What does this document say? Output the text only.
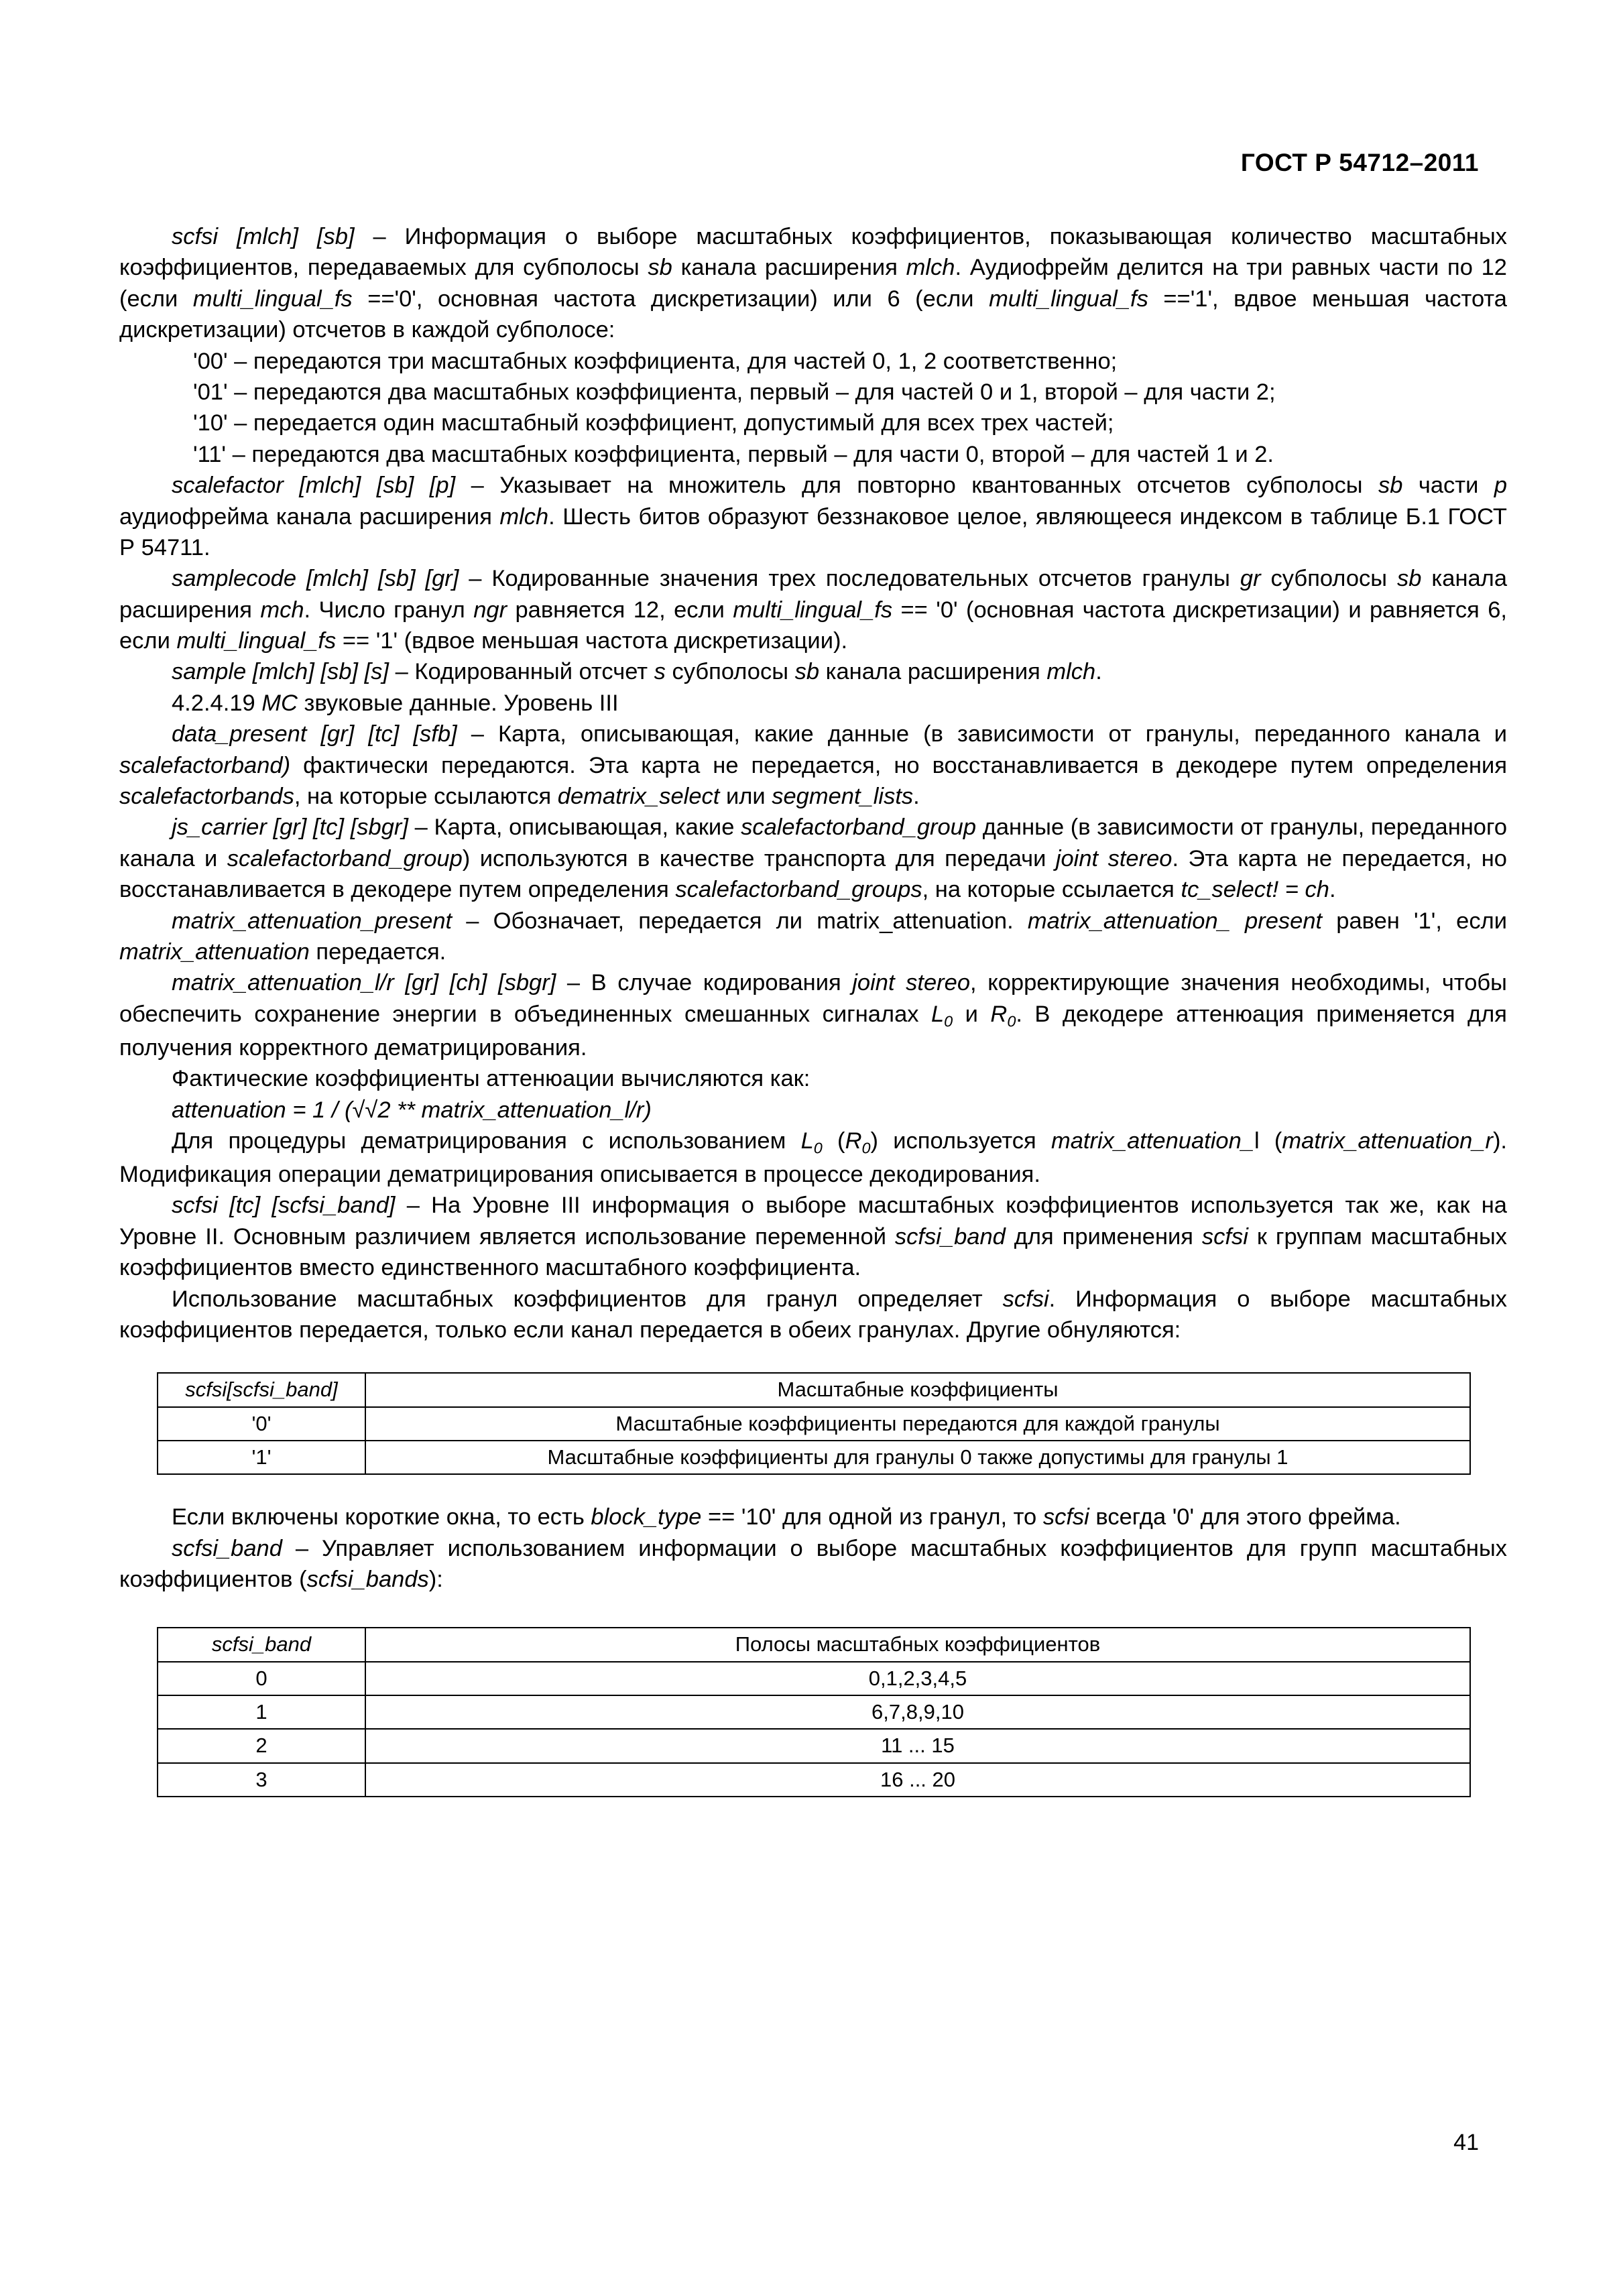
ГОСТ Р 54712–2011

scfsi [mlch] [sb] – Информация о выборе масштабных коэффициентов, показывающая количество масштабных коэффициентов, передаваемых для субполосы sb канала расширения mlch. Аудиофрейм делится на три равных части по 12 (если multi_lingual_fs =='0', основная частота дискретизации) или 6 (если multi_lingual_fs =='1', вдвое меньшая частота дискретизации) отсчетов в каждой субполосе:

'00' – передаются три масштабных коэффициента, для частей 0, 1, 2 соответственно;

'01' – передаются два масштабных коэффициента, первый – для частей 0 и 1, второй – для части 2;

'10' – передается один масштабный коэффициент, допустимый для всех трех частей;

'11' – передаются два масштабных коэффициента, первый – для части 0, второй – для частей 1 и 2.

scalefactor [mlch] [sb] [p] – Указывает на множитель для повторно квантованных отсчетов субполосы sb части p аудиофрейма канала расширения mlch. Шесть битов образуют беззнаковое целое, являющееся индексом в таблице Б.1 ГОСТ Р 54711.

samplecode [mlch] [sb] [gr] – Кодированные значения трех последовательных отсчетов гранулы gr субполосы sb канала расширения mch. Число гранул ngr равняется 12, если multi_lingual_fs == '0' (основная частота дискретизации) и равняется 6, если multi_lingual_fs == '1' (вдвое меньшая частота дискретизации).

sample [mlch] [sb] [s] – Кодированный отсчет s субполосы sb канала расширения mlch.

4.2.4.19 МС звуковые данные. Уровень III

data_present [gr] [tc] [sfb] – Карта, описывающая, какие данные (в зависимости от гранулы, переданного канала и scalefactorband) фактически передаются. Эта карта не передается, но восстанавливается в декодере путем определения scalefactorbands, на которые ссылаются dematrix_select или segment_lists.

js_carrier [gr] [tc] [sbgr] – Карта, описывающая, какие scalefactorband_group данные (в зависимости от гранулы, переданного канала и scalefactorband_group) используются в качестве транспорта для передачи joint stereo. Эта карта не передается, но восстанавливается в декодере путем определения scalefactorband_groups, на которые ссылается tc_select! = ch.

matrix_attenuation_present – Обозначает, передается ли matrix_attenuation. matrix_attenuation_ present равен '1', если matrix_attenuation передается.

matrix_attenuation_l/r [gr] [ch] [sbgr] – В случае кодирования joint stereo, корректирующие значения необходимы, чтобы обеспечить сохранение энергии в объединенных смешанных сигналах $L_0$ и $R_0$. В декодере аттенюация применяется для получения корректного дематрицирования.

Фактические коэффициенты аттенюации вычисляются как:

attenuation = 1 / (√√2 ** matrix_attenuation_l/r)

Для процедуры дематрицирования с использованием $L_0$ $(R_0)$ используется matrix_attenuation_l (matrix_attenuation_r). Модификация операции дематрицирования описывается в процессе декодирования.

scfsi [tc] [scfsi_band] – На Уровне III информация о выборе масштабных коэффициентов используется так же, как на Уровне II. Основным различием является использование переменной scfsi_band для применения scfsi к группам масштабных коэффициентов вместо единственного масштабного коэффициента.

Использование масштабных коэффициентов для гранул определяет scfsi. Информация о выборе масштабных коэффициентов передается, только если канал передается в обеих гранулах. Другие обнуляются:

scfsi[scfsi_band]	Масштабные коэффициенты
'0'	Масштабные коэффициенты передаются для каждой гранулы
'1'	Масштабные коэффициенты для гранулы 0 также допустимы для гранулы 1

Если включены короткие окна, то есть block_type == '10' для одной из гранул, то scfsi всегда '0' для этого фрейма.

scfsi_band – Управляет использованием информации о выборе масштабных коэффициентов для групп масштабных коэффициентов (scfsi_bands):

scfsi_band	Полосы масштабных коэффициентов
0	0,1,2,3,4,5
1	6,7,8,9,10
2	11 ... 15
3	16 ... 20
41
